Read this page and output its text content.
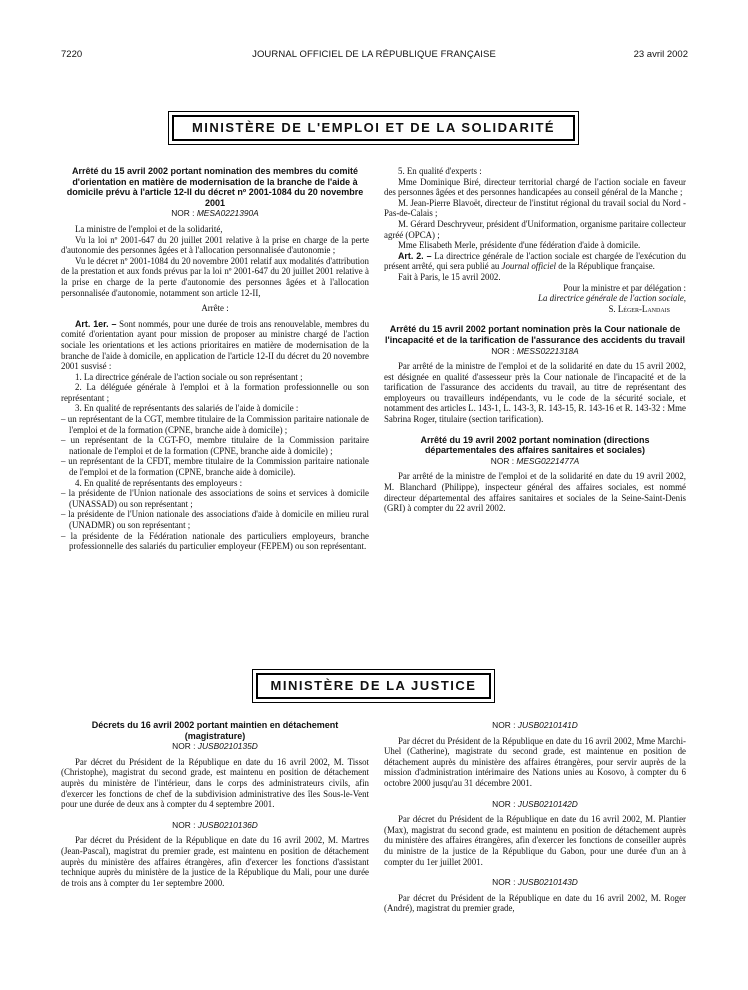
7220	JOURNAL OFFICIEL DE LA RÉPUBLIQUE FRANÇAISE	23 avril 2002
MINISTÈRE DE L'EMPLOI ET DE LA SOLIDARITÉ

Arrêté du 15 avril 2002 portant nomination des membres du comité d'orientation en matière de modernisation de la branche de l'aide à domicile prévu à l'article 12-II du décret nº 2001-1084 du 20 novembre 2001

NOR : MESA0221390A

La ministre de l'emploi et de la solidarité,

Vu la loi nº 2001-647 du 20 juillet 2001 relative à la prise en charge de la perte d'autonomie des personnes âgées et à l'allocation personnalisée d'autonomie ;

Vu le décret nº 2001-1084 du 20 novembre 2001 relatif aux modalités d'attribution de la prestation et aux fonds prévus par la loi nº 2001-647 du 20 juillet 2001 relative à la prise en charge de la perte d'autonomie des personnes âgées et à l'allocation personnalisée d'autonomie, notamment son article 12-II,

Arrête :

Art. 1er. – Sont nommés, pour une durée de trois ans renouvelable, membres du comité d'orientation ayant pour mission de proposer au ministre chargé de l'action sociale les orientations et les actions prioritaires en matière de modernisation de la branche de l'aide à domicile, en application de l'article 12-II du décret du 20 novembre 2001 susvisé :

1. La directrice générale de l'action sociale ou son représentant ;

2. La déléguée générale à l'emploi et à la formation professionnelle ou son représentant ;

3. En qualité de représentants des salariés de l'aide à domicile :

– un représentant de la CGT, membre titulaire de la Commission paritaire nationale de l'emploi et de la formation (CPNE, branche aide à domicile) ;

– un représentant de la CGT-FO, membre titulaire de la Commission paritaire nationale de l'emploi et de la formation (CPNE, branche aide à domicile) ;

– un représentant de la CFDT, membre titulaire de la Commission paritaire nationale de l'emploi et de la formation (CPNE, branche aide à domicile).

4. En qualité de représentants des employeurs :

– la présidente de l'Union nationale des associations de soins et services à domicile (UNASSAD) ou son représentant ;

– la présidente de l'Union nationale des associations d'aide à domicile en milieu rural (UNADMR) ou son représentant ;

– la présidente de la Fédération nationale des particuliers employeurs, branche professionnelle des salariés du particulier employeur (FEPEM) ou son représentant.

5. En qualité d'experts :

Mme Dominique Biré, directeur territorial chargé de l'action sociale en faveur des personnes âgées et des personnes handicapées au conseil général de la Manche ;

M. Jean-Pierre Blavoët, directeur de l'institut régional du travail social du Nord - Pas-de-Calais ;

M. Gérard Deschryveur, président d'Uniformation, organisme paritaire collecteur agréé (OPCA) ;

Mme Elisabeth Merle, présidente d'une fédération d'aide à domicile.

Art. 2. – La directrice générale de l'action sociale est chargée de l'exécution du présent arrêté, qui sera publié au Journal officiel de la République française.

Fait à Paris, le 15 avril 2002.

Pour la ministre et par délégation :

La directrice générale de l'action sociale,

S. Léger-Landais

Arrêté du 15 avril 2002 portant nomination près la Cour nationale de l'incapacité et de la tarification de l'assurance des accidents du travail

NOR : MESS0221318A

Par arrêté de la ministre de l'emploi et de la solidarité en date du 15 avril 2002, est désignée en qualité d'assesseur près la Cour nationale de l'incapacité et de la tarification de l'assurance des accidents du travail, au titre de représentant des employeurs ou travailleurs indépendants, vu le code de la sécurité sociale, et notamment des articles L. 143-1, L. 143-3, R. 143-15, R. 143-16 et R. 143-32 : Mme Sabrina Roger, titulaire (section tarification).

Arrêté du 19 avril 2002 portant nomination (directions départementales des affaires sanitaires et sociales)

NOR : MESG0221477A

Par arrêté de la ministre de l'emploi et de la solidarité en date du 19 avril 2002, M. Blanchard (Philippe), inspecteur général des affaires sociales, est nommé directeur départemental des affaires sanitaires et sociales de la Seine-Saint-Denis (GRI) à compter du 22 avril 2002.

MINISTÈRE DE LA JUSTICE

Décrets du 16 avril 2002 portant maintien en détachement (magistrature)

NOR : JUSB0210135D

Par décret du Président de la République en date du 16 avril 2002, M. Tissot (Christophe), magistrat du second grade, est maintenu en position de détachement auprès du ministère de l'intérieur, dans le corps des administrateurs civils, afin d'exercer les fonctions de chef de la subdivision administrative des îles Sous-le-Vent pour une durée de deux ans à compter du 4 septembre 2001.

NOR : JUSB0210136D

Par décret du Président de la République en date du 16 avril 2002, M. Martres (Jean-Pascal), magistrat du premier grade, est maintenu en position de détachement auprès du ministère des affaires étrangères, afin d'exercer les fonctions d'assistant technique auprès du ministère de la justice de la République du Mali, pour une durée de trois ans à compter du 1er septembre 2000.

NOR : JUSB0210141D

Par décret du Président de la République en date du 16 avril 2002, Mme Marchi-Uhel (Catherine), magistrate du second grade, est maintenue en position de détachement auprès du ministère des affaires étrangères, pour servir auprès de la mission d'administration intérimaire des Nations unies au Kosovo, à compter du 6 octobre 2000 jusqu'au 31 décembre 2001.

NOR : JUSB0210142D

Par décret du Président de la République en date du 16 avril 2002, M. Plantier (Max), magistrat du second grade, est maintenu en position de détachement auprès du ministère des affaires étrangères, afin d'exercer les fonctions de conseiller auprès du ministre de la justice de la République du Gabon, pour une durée d'un an à compter du 1er juillet 2001.

NOR : JUSB0210143D

Par décret du Président de la République en date du 16 avril 2002, M. Roger (André), magistrat du premier grade,
